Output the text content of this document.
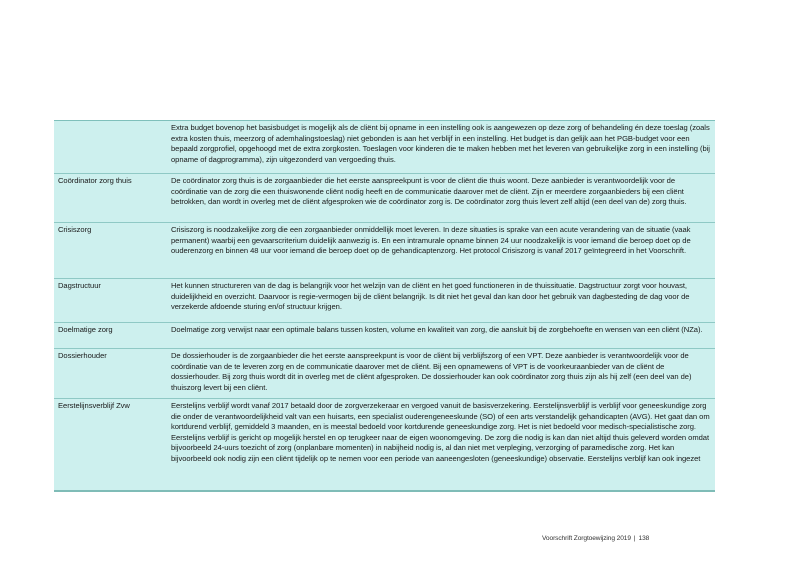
	Extra budget bovenop het basisbudget is mogelijk als de cliënt bij opname in een instelling ook is aangewezen op deze zorg of behandeling én deze toeslag (zoals extra kosten thuis, meerzorg of ademhalingstoeslag) niet gebonden is aan het verblijf in een instelling. Het budget is dan gelijk aan het PGB-budget voor een bepaald zorgprofiel, opgehoogd met de extra zorgkosten. Toeslagen voor kinderen die te maken hebben met het leveren van gebruikelijke zorg in een instelling (bij opname of dagprogramma), zijn uitgezonderd van vergoeding thuis.
Coördinator zorg thuis	De coördinator zorg thuis is de zorgaanbieder die het eerste aanspreekpunt is voor de cliënt die thuis woont. Deze aanbieder is verantwoordelijk voor de coördinatie van de zorg die een thuiswonende cliënt nodig heeft en de communicatie daarover met de cliënt. Zijn er meerdere zorgaanbieders bij een cliënt betrokken, dan wordt in overleg met de cliënt afgesproken wie de coördinator zorg is. De coördinator zorg thuis levert zelf altijd (een deel van de) zorg thuis.
Crisiszorg	Crisiszorg is noodzakelijke zorg die een zorgaanbieder onmiddellijk moet leveren. In deze situaties is sprake van een acute verandering van de situatie (vaak permanent) waarbij een gevaarscriterium duidelijk aanwezig is. En een intramurale opname binnen 24 uur noodzakelijk is voor iemand die beroep doet op de ouderenzorg en binnen 48 uur voor iemand die beroep doet op de gehandicaptenzorg. Het protocol Crisiszorg is vanaf 2017 geïntegreerd in het Voorschrift.
Dagstructuur	Het kunnen structureren van de dag is belangrijk voor het welzijn van de cliënt en het goed functioneren in de thuissituatie. Dagstructuur zorgt voor houvast, duidelijkheid en overzicht. Daarvoor is regie-vermogen bij de cliënt belangrijk. Is dit niet het geval dan kan door het gebruik van dagbesteding de dag voor de verzekerde afdoende sturing en/of structuur krijgen.
Doelmatige zorg	Doelmatige zorg verwijst naar een optimale balans tussen kosten, volume en kwaliteit van zorg, die aansluit bij de zorgbehoefte en wensen van een cliënt (NZa).
Dossierhouder	De dossierhouder is de zorgaanbieder die het eerste aanspreekpunt is voor de cliënt bij verblijfszorg of een VPT. Deze aanbieder is verantwoordelijk voor de coördinatie van de te leveren zorg en de communicatie daarover met de cliënt. Bij een opnamewens of VPT is de voorkeuraanbieder van de cliënt de dossierhouder. Bij zorg thuis wordt dit in overleg met de cliënt afgesproken. De dossierhouder kan ook coördinator zorg thuis zijn als hij zelf (een deel van de) thuiszorg levert bij een cliënt.
Eerstelijnsverblijf Zvw	Eerstelijns verblijf wordt vanaf 2017 betaald door de zorgverzekeraar en vergoed vanuit de basisverzekering. Eerstelijnsverblijf is verblijf voor geneeskundige zorg die onder de verantwoordelijkheid valt van een huisarts, een specialist ouderengeneeskunde (SO) of een arts verstandelijk gehandicapten (AVG). Het gaat dan om kortdurend verblijf, gemiddeld 3 maanden, en is meestal bedoeld voor kortdurende geneeskundige zorg. Het is niet bedoeld voor medisch-specialistische zorg. Eerstelijns verblijf is gericht op mogelijk herstel en op terugkeer naar de eigen woonomgeving. De zorg die nodig is kan dan niet altijd thuis geleverd worden omdat bijvoorbeeld 24-uurs toezicht of zorg (onplanbare momenten) in nabijheid nodig is, al dan niet met verpleging, verzorging of paramedische zorg. Het kan bijvoorbeeld ook nodig zijn een cliënt tijdelijk op te nemen voor een periode van aaneengesloten (geneeskundige) observatie. Eerstelijns verblijf kan ook ingezet
Voorschrift Zorgtoewijzing 2019 | 138
